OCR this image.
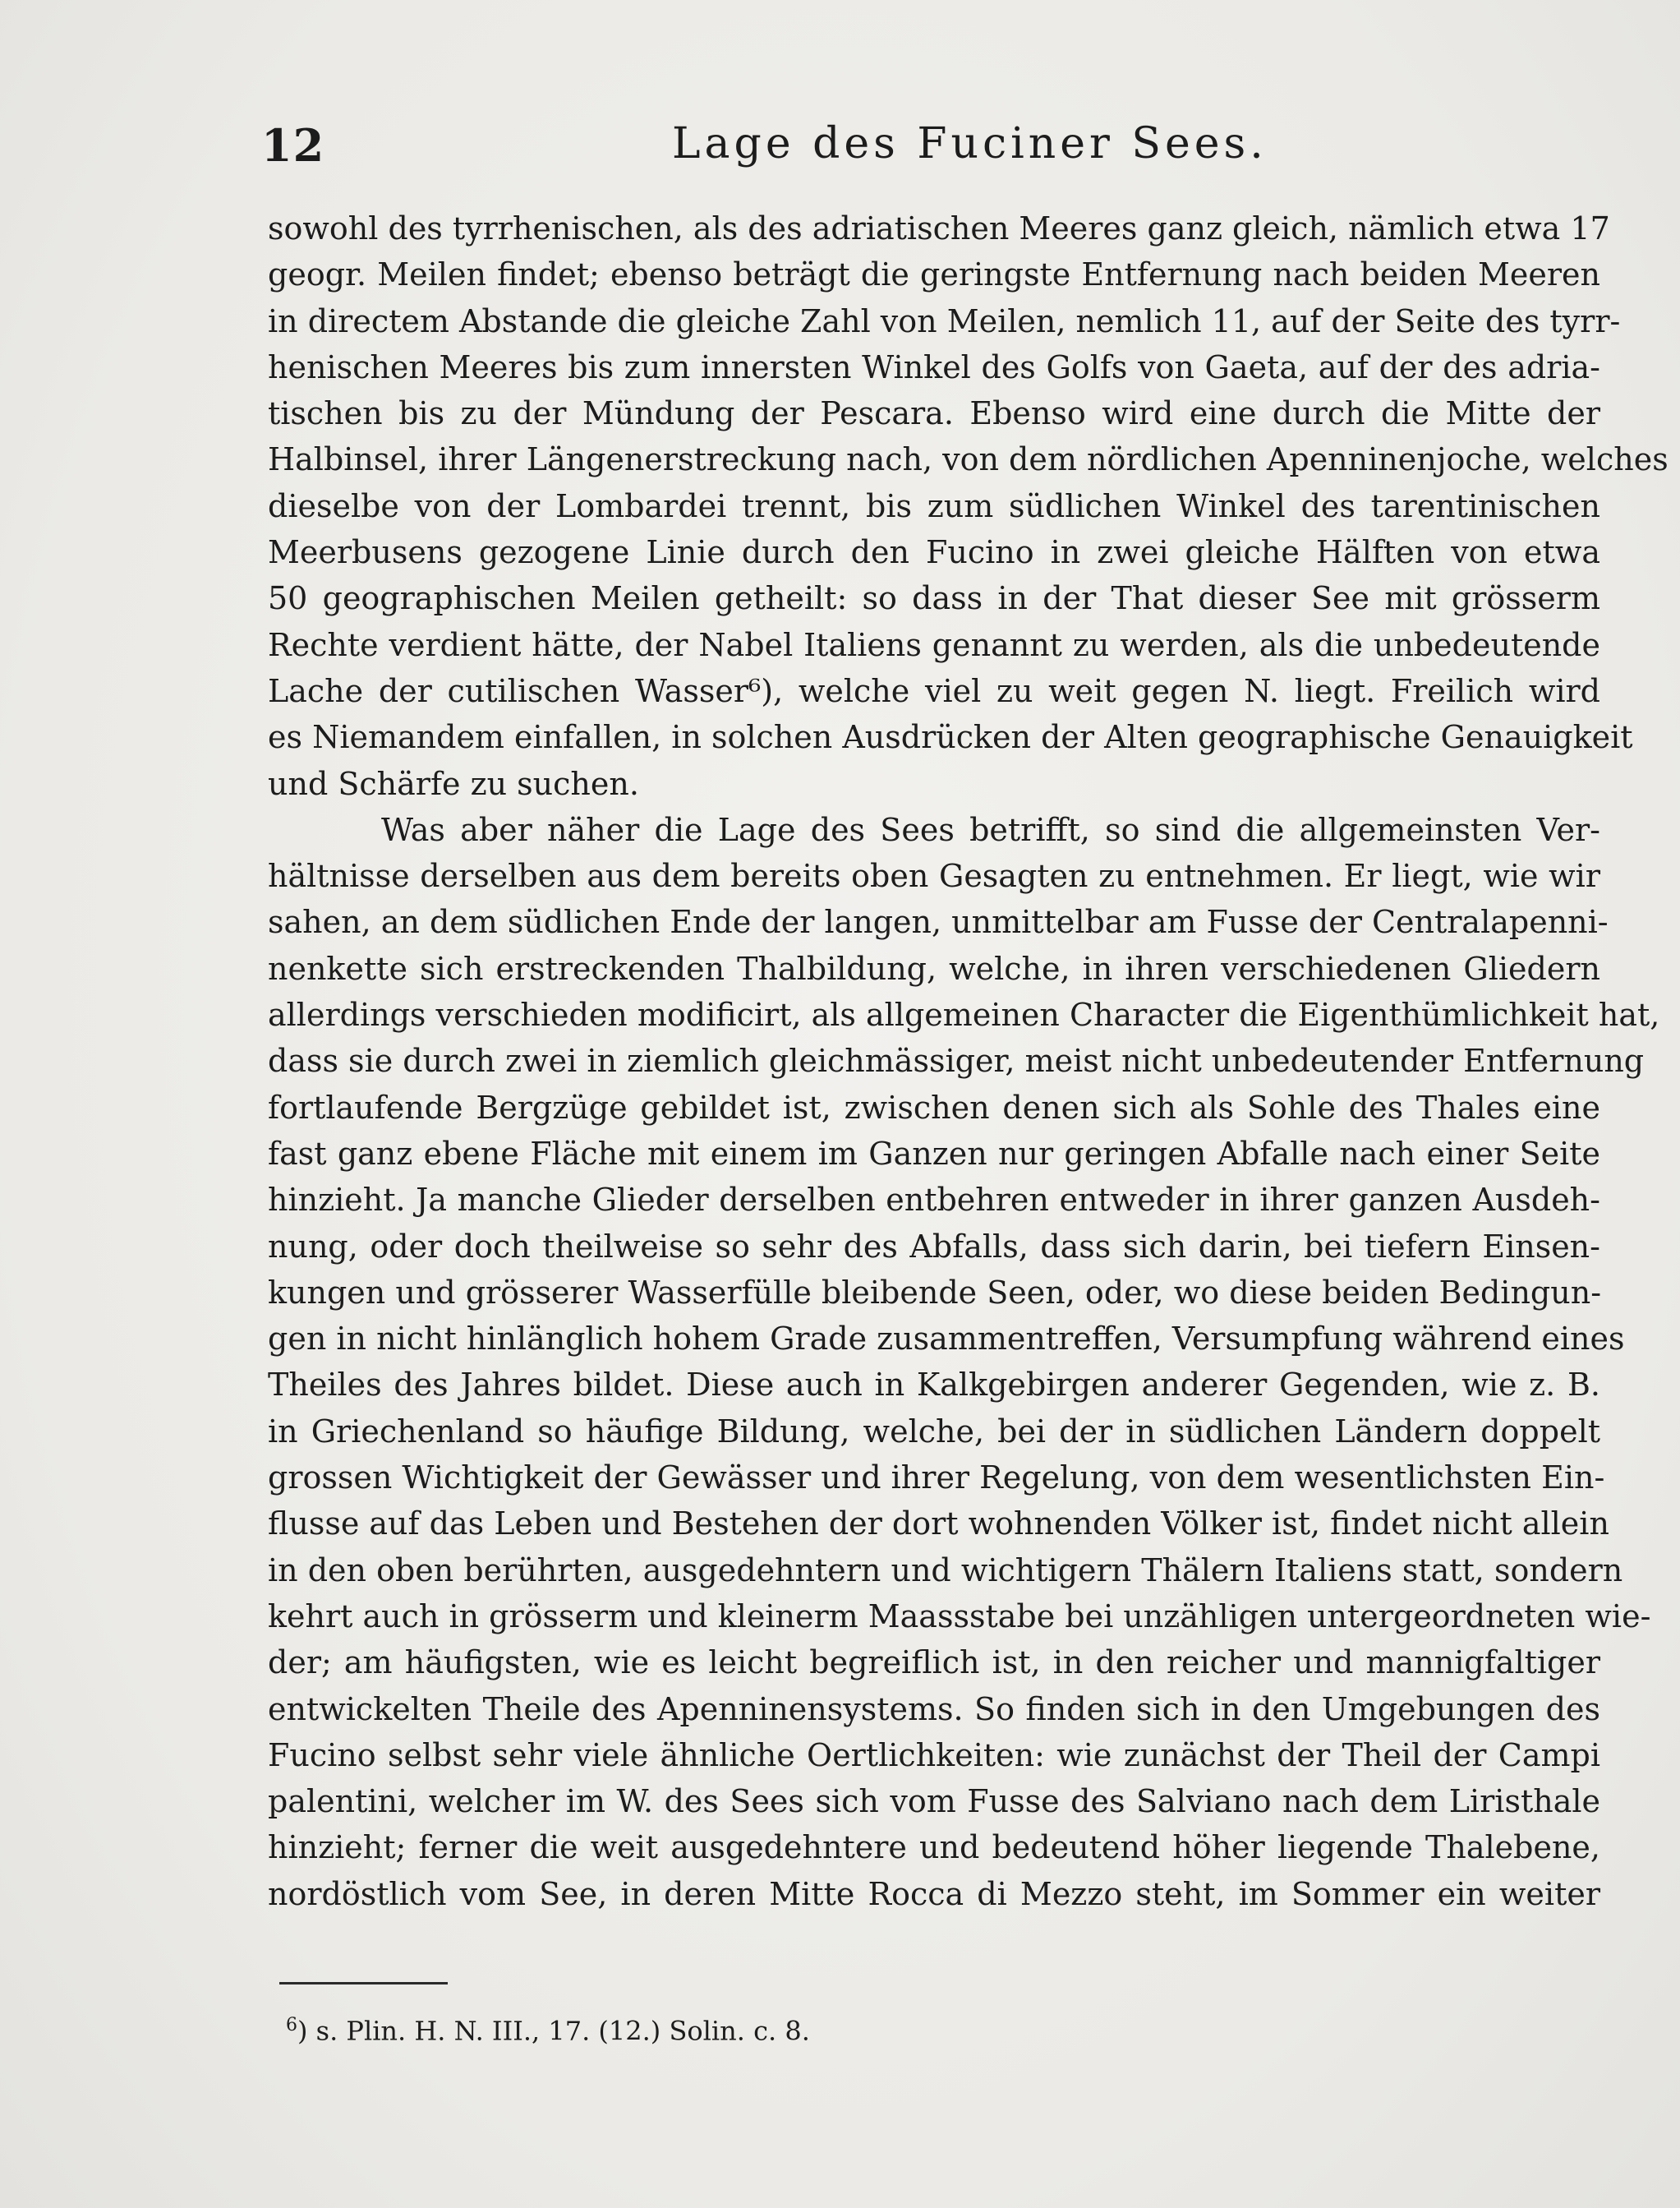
12	Lage des Fuciner Sees.
sowohl des tyrrhenischen, als des adriatischen Meeres ganz gleich, nämlich etwa 17
geogr. Meilen findet; ebenso beträgt die geringste Entfernung nach beiden Meeren
in directem Abstande die gleiche Zahl von Meilen, nemlich 11, auf der Seite des tyrr-
henischen Meeres bis zum innersten Winkel des Golfs von Gaeta, auf der des adria-
tischen bis zu der Mündung der Pescara. Ebenso wird eine durch die Mitte der
Halbinsel, ihrer Längenerstreckung nach, von dem nördlichen Apenninenjoche, welches
dieselbe von der Lombardei trennt, bis zum südlichen Winkel des tarentinischen
Meerbusens gezogene Linie durch den Fucino in zwei gleiche Hälften von etwa
50 geographischen Meilen getheilt: so dass in der That dieser See mit grösserm
Rechte verdient hätte, der Nabel Italiens genannt zu werden, als die unbedeutende
Lache der cutilischen Wasser⁶), welche viel zu weit gegen N. liegt. Freilich wird
es Niemandem einfallen, in solchen Ausdrücken der Alten geographische Genauigkeit
und Schärfe zu suchen.
Was aber näher die Lage des Sees betrifft, so sind die allgemeinsten Ver-
hältnisse derselben aus dem bereits oben Gesagten zu entnehmen. Er liegt, wie wir
sahen, an dem südlichen Ende der langen, unmittelbar am Fusse der Centralapenni-
nenkette sich erstreckenden Thalbildung, welche, in ihren verschiedenen Gliedern
allerdings verschieden modificirt, als allgemeinen Character die Eigenthümlichkeit hat,
dass sie durch zwei in ziemlich gleichmässiger, meist nicht unbedeutender Entfernung
fortlaufende Bergzüge gebildet ist, zwischen denen sich als Sohle des Thales eine
fast ganz ebene Fläche mit einem im Ganzen nur geringen Abfalle nach einer Seite
hinzieht. Ja manche Glieder derselben entbehren entweder in ihrer ganzen Ausdeh-
nung, oder doch theilweise so sehr des Abfalls, dass sich darin, bei tiefern Einsen-
kungen und grösserer Wasserfülle bleibende Seen, oder, wo diese beiden Bedingun-
gen in nicht hinlänglich hohem Grade zusammentreffen, Versumpfung während eines
Theiles des Jahres bildet. Diese auch in Kalkgebirgen anderer Gegenden, wie z. B.
in Griechenland so häufige Bildung, welche, bei der in südlichen Ländern doppelt
grossen Wichtigkeit der Gewässer und ihrer Regelung, von dem wesentlichsten Ein-
flusse auf das Leben und Bestehen der dort wohnenden Völker ist, findet nicht allein
in den oben berührten, ausgedehntern und wichtigern Thälern Italiens statt, sondern
kehrt auch in grösserm und kleinerm Maassstabe bei unzähligen untergeordneten wie-
der; am häufigsten, wie es leicht begreiflich ist, in den reicher und mannigfaltiger
entwickelten Theile des Apenninensystems. So finden sich in den Umgebungen des
Fucino selbst sehr viele ähnliche Oertlichkeiten: wie zunächst der Theil der Campi
palentini, welcher im W. des Sees sich vom Fusse des Salviano nach dem Liristhale
hinzieht; ferner die weit ausgedehntere und bedeutend höher liegende Thalebene,
nordöstlich vom See, in deren Mitte Rocca di Mezzo steht, im Sommer ein weiter
$^6$) s. Plin. H. N. III., 17. (12.) Solin. c. 8.
